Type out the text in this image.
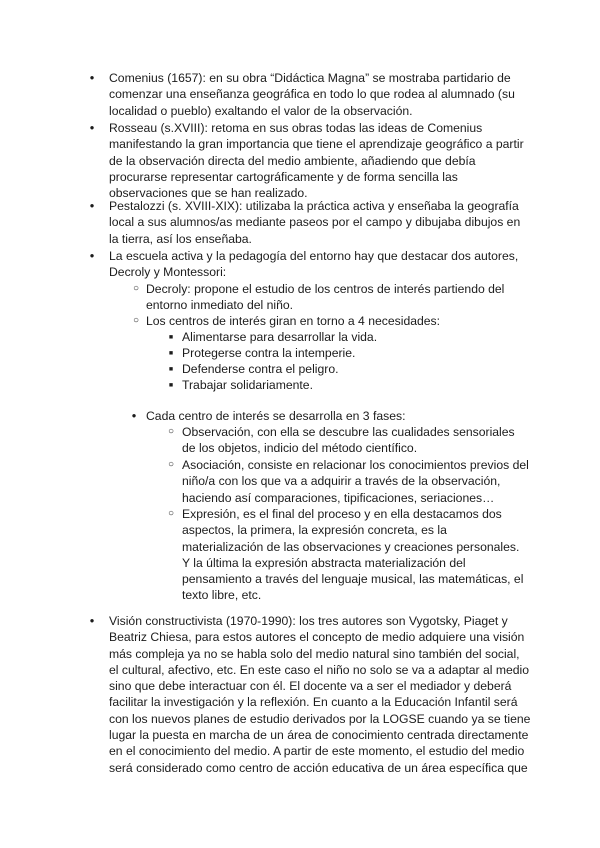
●
Comenius (1657): en su obra “Didáctica Magna” se mostraba partidario de
comenzar una enseñanza geográfica en todo lo que rodea al alumnado (su
localidad o pueblo) exaltando el valor de la observación.
●
Rosseau (s.XVIII): retoma en sus obras todas las ideas de Comenius
manifestando la gran importancia que tiene el aprendizaje geográfico a partir
de la observación directa del medio ambiente, añadiendo que debía
procurarse representar cartográficamente y de forma sencilla las
observaciones que se han realizado.
●
Pestalozzi (s. XVIII-XIX): utilizaba la práctica activa y enseñaba la geografía
local a sus alumnos/as mediante paseos por el campo y dibujaba dibujos en
la tierra, así los enseñaba.
●
La escuela activa y la pedagogía del entorno hay que destacar dos autores,
Decroly y Montessori:
○
Decroly: propone el estudio de los centros de interés partiendo del
entorno inmediato del niño.
○
Los centros de interés giran en torno a 4 necesidades:
■
Alimentarse para desarrollar la vida.
■
Protegerse contra la intemperie.
■
Defenderse contra el peligro.
■
Trabajar solidariamente.
●
Cada centro de interés se desarrolla en 3 fases:
○
Observación, con ella se descubre las cualidades sensoriales
de los objetos, indicio del método científico.
○
Asociación, consiste en relacionar los conocimientos previos del
niño/a con los que va a adquirir a través de la observación,
haciendo así comparaciones, tipificaciones, seriaciones…
○
Expresión, es el final del proceso y en ella destacamos dos
aspectos, la primera, la expresión concreta, es la
materialización de las observaciones y creaciones personales.
Y la última la expresión abstracta materialización del
pensamiento a través del lenguaje musical, las matemáticas, el
texto libre, etc.
●
Visión constructivista (1970-1990): los tres autores son Vygotsky, Piaget y
Beatriz Chiesa, para estos autores el concepto de medio adquiere una visión
más compleja ya no se habla solo del medio natural sino también del social,
el cultural, afectivo, etc. En este caso el niño no solo se va a adaptar al medio
sino que debe interactuar con él. El docente va a ser el mediador y deberá
facilitar la investigación y la reflexión. En cuanto a la Educación Infantil será
con los nuevos planes de estudio derivados por la LOGSE cuando ya se tiene
lugar la puesta en marcha de un área de conocimiento centrada directamente
en el conocimiento del medio. A partir de este momento, el estudio del medio
será considerado como centro de acción educativa de un área específica que
